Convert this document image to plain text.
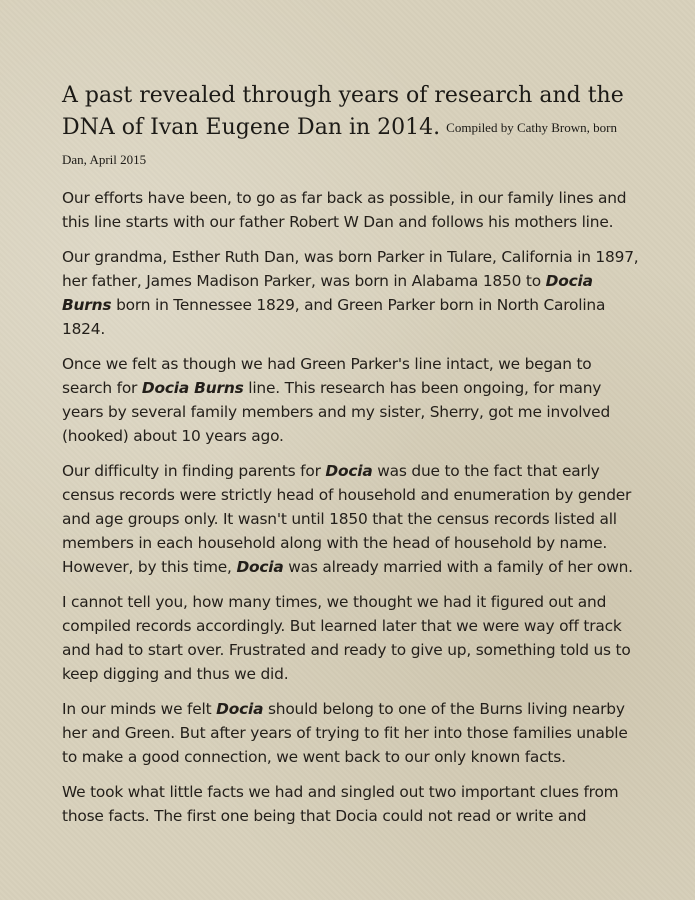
A past revealed through years of research and the DNA of Ivan Eugene Dan in 2014. Compiled by Cathy Brown, born Dan, April 2015

Our efforts have been, to go as far back as possible, in our family lines and this line starts with our father Robert W Dan and follows his mothers line.

Our grandma, Esther Ruth Dan, was born Parker in Tulare, California in 1897, her father, James Madison Parker, was born in Alabama 1850 to Docia Burns born in Tennessee 1829, and Green Parker born in North Carolina 1824.

Once we felt as though we had Green Parker's line intact, we began to search for Docia Burns line. This research has been ongoing, for many years by several family members and my sister, Sherry, got me involved (hooked) about 10 years ago.

Our difficulty in finding parents for Docia was due to the fact that early census records were strictly head of household and enumeration by gender and age groups only. It wasn't until 1850 that the census records listed all members in each household along with the head of household by name. However, by this time, Docia was already married with a family of her own.

I cannot tell you, how many times, we thought we had it figured out and compiled records accordingly. But learned later that we were way off track and had to start over. Frustrated and ready to give up, something told us to keep digging and thus we did.

In our minds we felt Docia should belong to one of the Burns living nearby her and Green. But after years of trying to fit her into those families unable to make a good connection, we went back to our only known facts.

We took what little facts we had and singled out two important clues from those facts. The first one being that Docia could not read or write and
